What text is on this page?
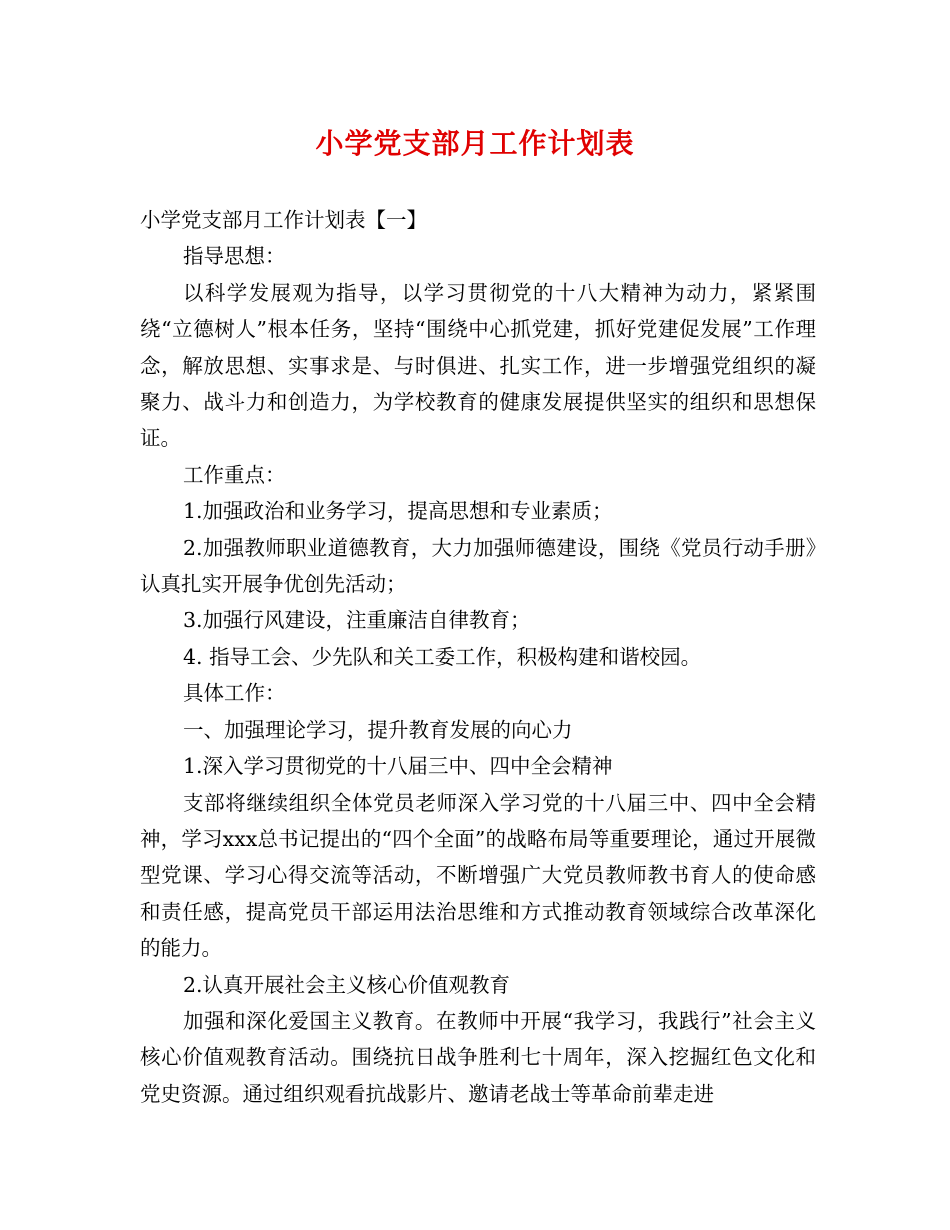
小学党支部月工作计划表

小学党支部月工作计划表【一】

指导思想：

以科学发展观为指导，以学习贯彻党的十八大精神为动力，紧紧围绕“立德树人”根本任务，坚持“围绕中心抓党建，抓好党建促发展”工作理念，解放思想、实事求是、与时俱进、扎实工作，进一步增强党组织的凝聚力、战斗力和创造力，为学校教育的健康发展提供坚实的组织和思想保证。

工作重点：

1.加强政治和业务学习，提高思想和专业素质；

2.加强教师职业道德教育，大力加强师德建设，围绕《党员行动手册》认真扎实开展争优创先活动；

3.加强行风建设，注重廉洁自律教育；

4. 指导工会、少先队和关工委工作，积极构建和谐校园。

具体工作：

一、加强理论学习，提升教育发展的向心力

1.深入学习贯彻党的十八届三中、四中全会精神

支部将继续组织全体党员老师深入学习党的十八届三中、四中全会精神，学习xxx总书记提出的“四个全面”的战略布局等重要理论，通过开展微型党课、学习心得交流等活动，不断增强广大党员教师教书育人的使命感和责任感，提高党员干部运用法治思维和方式推动教育领域综合改革深化的能力。

2.认真开展社会主义核心价值观教育

加强和深化爱国主义教育。在教师中开展“我学习，我践行”社会主义核心价值观教育活动。围绕抗日战争胜利七十周年，深入挖掘红色文化和党史资源。通过组织观看抗战影片、邀请老战士等革命前辈走进
